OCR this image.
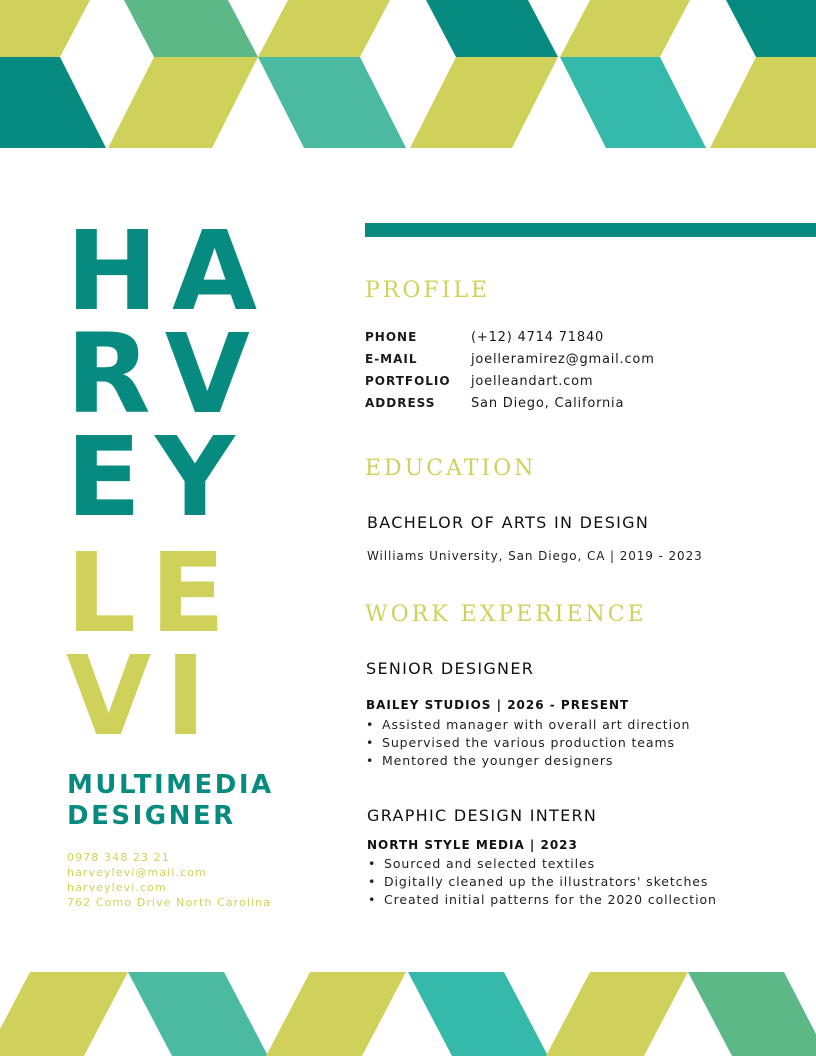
HARVEY
LEVI
MULTIMEDIA DESIGNER
0978 348 23 21
harveylevi@mail.com
harveylevi.com
762 Como Drive North Carolina
PROFILE
PHONE	(+12) 4714 71840
E-MAIL	joelleramirez@gmail.com
PORTFOLIO	joelleandart.com
ADDRESS	San Diego, California
EDUCATION
BACHELOR OF ARTS IN DESIGN
Williams University, San Diego, CA | 2019 - 2023
WORK EXPERIENCE
SENIOR DESIGNER
BAILEY STUDIOS | 2026 - PRESENT
• Assisted manager with overall art direction
• Supervised the various production teams
• Mentored the younger designers
GRAPHIC DESIGN INTERN
NORTH STYLE MEDIA | 2023
• Sourced and selected textiles
• Digitally cleaned up the illustrators' sketches
• Created initial patterns for the 2020 collection
